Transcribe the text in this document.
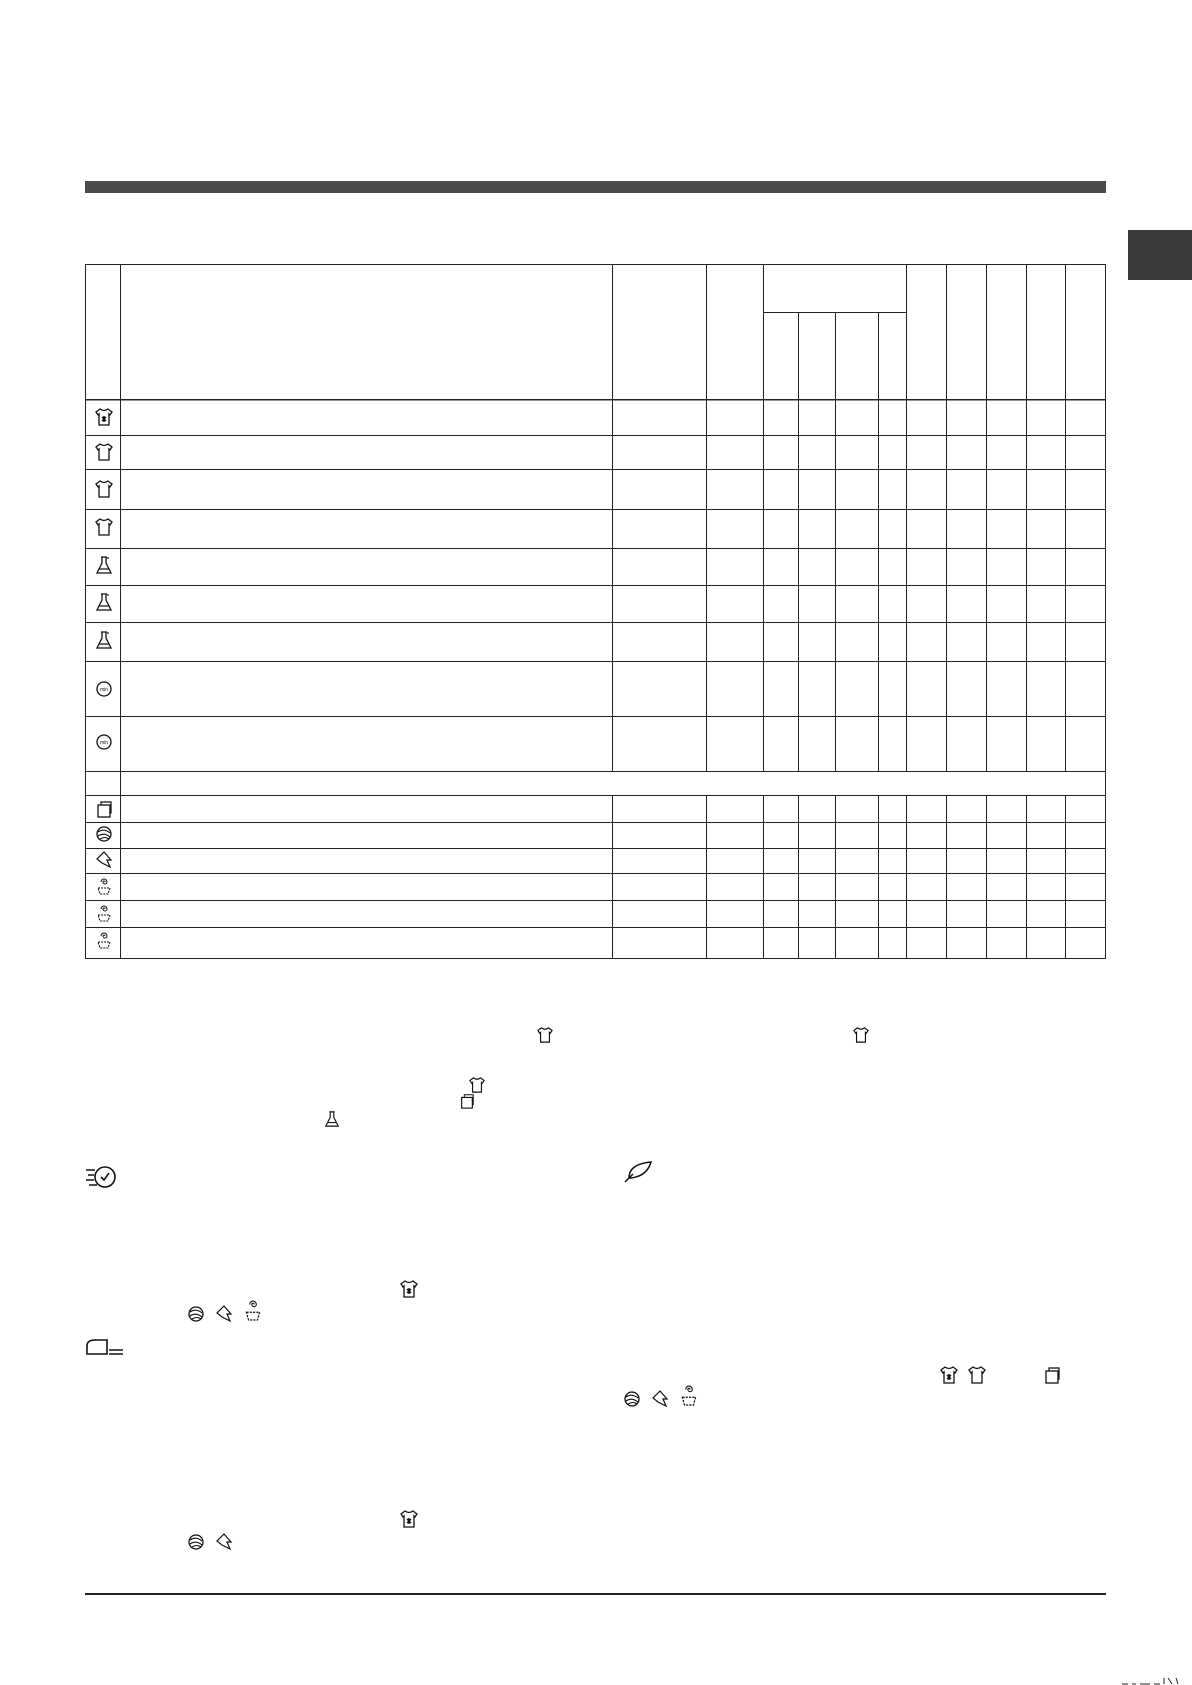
min
min
